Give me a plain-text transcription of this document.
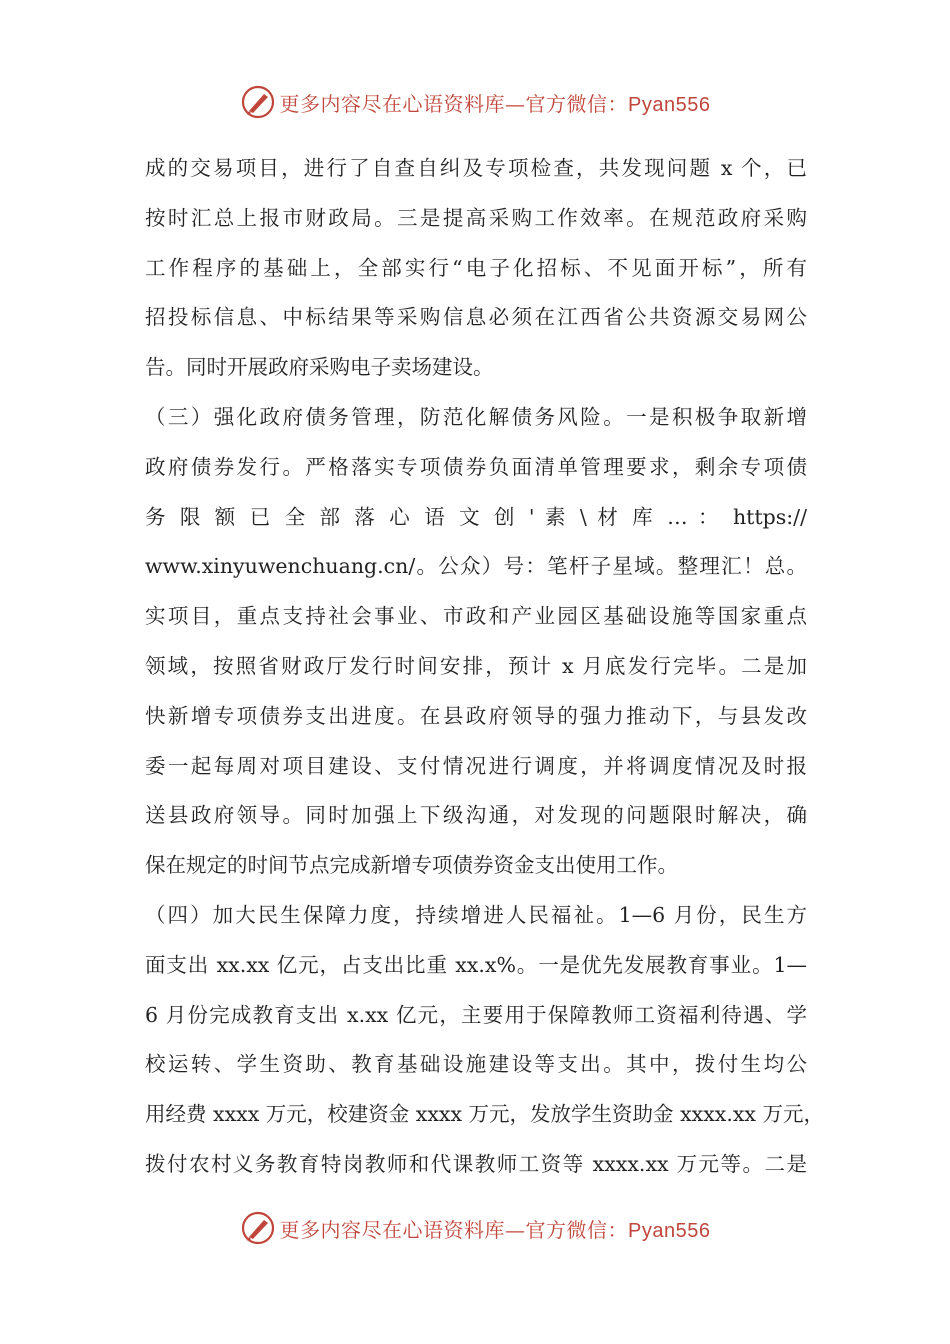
更多内容尽在心语资料库—官方微信：Pyan556
成的交易项目，进行了自查自纠及专项检查，共发现问题 x 个，已
按时汇总上报市财政局。三是提高采购工作效率。在规范政府采购
工作程序的基础上，全部实行“电子化招标、不见面开标”，所有
招投标信息、中标结果等采购信息必须在江西省公共资源交易网公
告。同时开展政府采购电子卖场建设。
（三）强化政府债务管理，防范化解债务风险。一是积极争取新增
政府债券发行。严格落实专项债券负面清单管理要求，剩余专项债
务 限 额 已 全 部 落 心 语 文 创 ' 素 \ 材 库 … ： https://
www.xinyuwenchuang.cn/。公众）号：笔杆子星域。整理汇！总。
实项目，重点支持社会事业、市政和产业园区基础设施等国家重点
领域，按照省财政厅发行时间安排，预计 x 月底发行完毕。二是加
快新增专项债券支出进度。在县政府领导的强力推动下，与县发改
委一起每周对项目建设、支付情况进行调度，并将调度情况及时报
送县政府领导。同时加强上下级沟通，对发现的问题限时解决，确
保在规定的时间节点完成新增专项债券资金支出使用工作。
（四）加大民生保障力度，持续增进人民福祉。1—6 月份，民生方
面支出 xx.xx 亿元，占支出比重 xx.x%。一是优先发展教育事业。1—
6 月份完成教育支出 x.xx 亿元，主要用于保障教师工资福利待遇、学
校运转、学生资助、教育基础设施建设等支出。其中，拨付生均公
用经费 xxxx 万元，校建资金 xxxx 万元，发放学生资助金 xxxx.xx 万元，
拨付农村义务教育特岗教师和代课教师工资等 xxxx.xx 万元等。二是
更多内容尽在心语资料库—官方微信：Pyan556
